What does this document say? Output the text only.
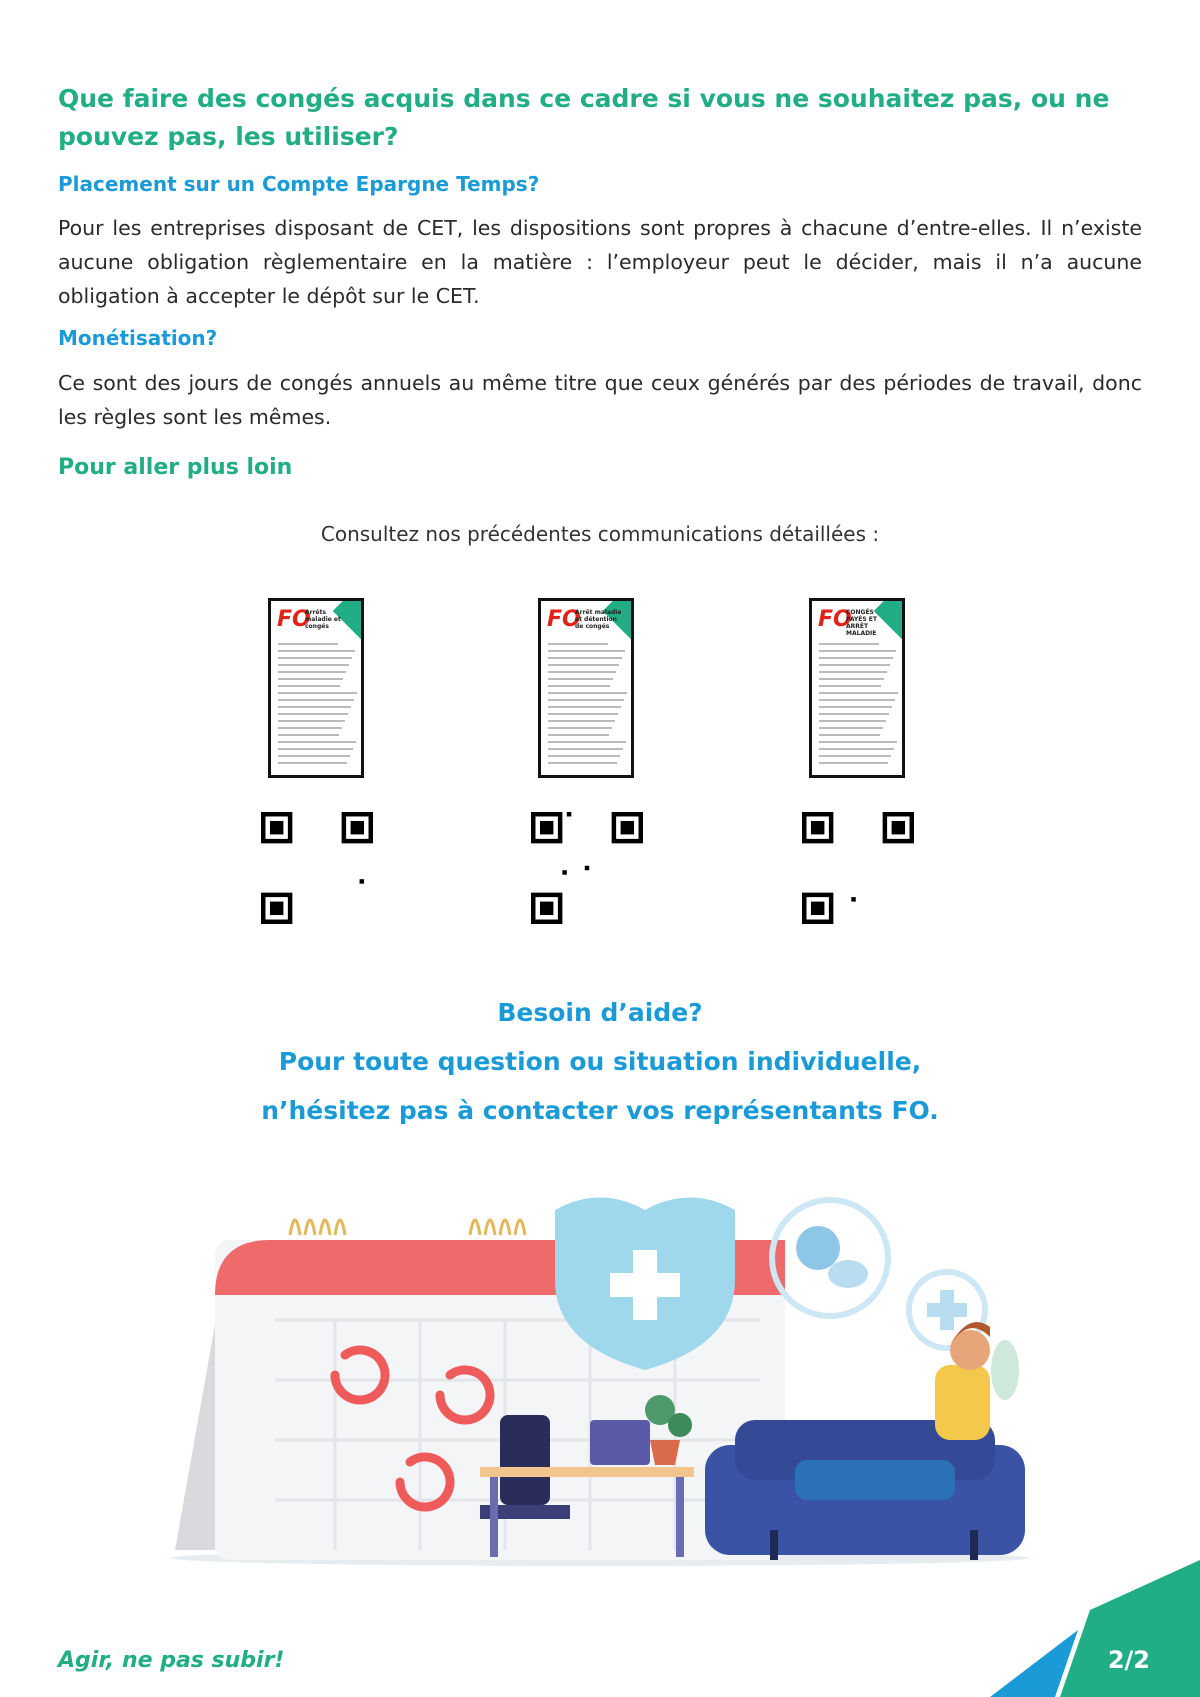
Que faire des congés acquis dans ce cadre si vous ne souhaitez pas, ou ne pouvez pas, les utiliser?
Placement sur un Compte Epargne Temps?
Pour les entreprises disposant de CET, les dispositions sont propres à chacune d’entre-elles. Il n’existe aucune obligation règlementaire en la matière : l’employeur peut le décider, mais il n’a aucune obligation à accepter le dépôt sur le CET.
Monétisation?
Ce sont des jours de congés annuels au même titre que ceux générés par des périodes de travail, donc les règles sont les mêmes.
Pour aller plus loin
Consultez nos précédentes communications détaillées :
FO
Arrêts maladie et congés	FO
Arrêt maladie et détention de congés	FO
CONGÉS PAYÉS ET ARRÊT MALADIE
Besoin d’aide?
Pour toute question ou situation individuelle,
n’hésitez pas à contacter vos représentants FO.
Agir, ne pas subir!	2/2
